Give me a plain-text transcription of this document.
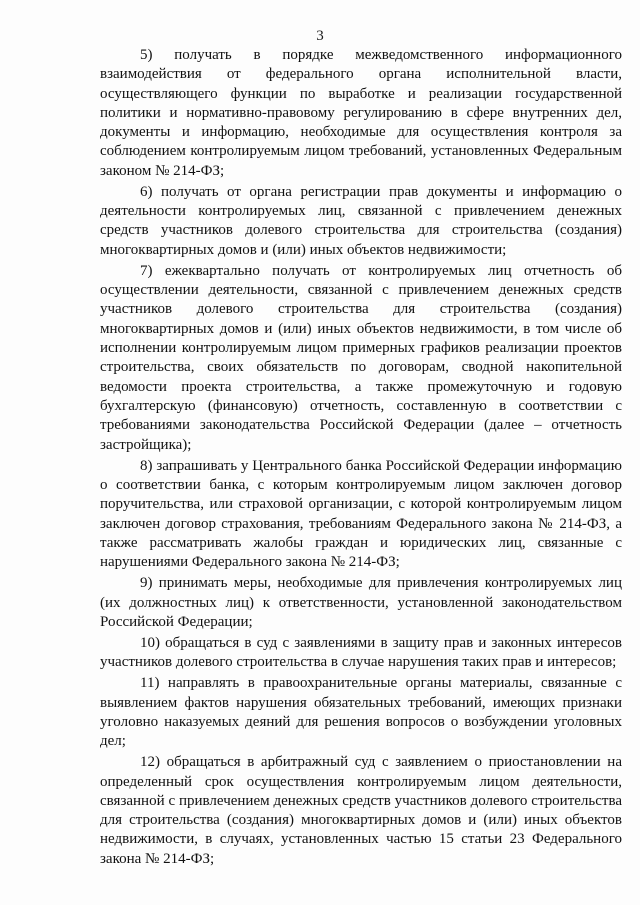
3

5) получать в порядке межведомственного информационного взаимодействия от федерального органа исполнительной власти, осуществляющего функции по выработке и реализации государственной политики и нормативно-правовому регулированию в сфере внутренних дел, документы и информацию, необходимые для осуществления контроля за соблюдением контролируемым лицом требований, установленных Федеральным законом № 214-ФЗ;

6) получать от органа регистрации прав документы и информацию о деятельности контролируемых лиц, связанной с привлечением денежных средств участников долевого строительства для строительства (создания) многоквартирных домов и (или) иных объектов недвижимости;

7) ежеквартально получать от контролируемых лиц отчетность об осуществлении деятельности, связанной с привлечением денежных средств участников долевого строительства для строительства (создания) многоквартирных домов и (или) иных объектов недвижимости, в том числе об исполнении контролируемым лицом примерных графиков реализации проектов строительства, своих обязательств по договорам, сводной накопительной ведомости проекта строительства, а также промежуточную и годовую бухгалтерскую (финансовую) отчетность, составленную в соответствии с требованиями законодательства Российской Федерации (далее – отчетность застройщика);

8) запрашивать у Центрального банка Российской Федерации информацию о соответствии банка, с которым контролируемым лицом заключен договор поручительства, или страховой организации, с которой контролируемым лицом заключен договор страхования, требованиям Федерального закона № 214-ФЗ, а также рассматривать жалобы граждан и юридических лиц, связанные с нарушениями Федерального закона № 214-ФЗ;

9) принимать меры, необходимые для привлечения контролируемых лиц (их должностных лиц) к ответственности, установленной законодательством Российской Федерации;

10) обращаться в суд с заявлениями в защиту прав и законных интересов участников долевого строительства в случае нарушения таких прав и интересов;

11) направлять в правоохранительные органы материалы, связанные с выявлением фактов нарушения обязательных требований, имеющих признаки уголовно наказуемых деяний для решения вопросов о возбуждении уголовных дел;

12) обращаться в арбитражный суд с заявлением о приостановлении на определенный срок осуществления контролируемым лицом деятельности, связанной с привлечением денежных средств участников долевого строительства для строительства (создания) многоквартирных домов и (или) иных объектов недвижимости, в случаях, установленных частью 15 статьи 23 Федерального закона № 214-ФЗ;
